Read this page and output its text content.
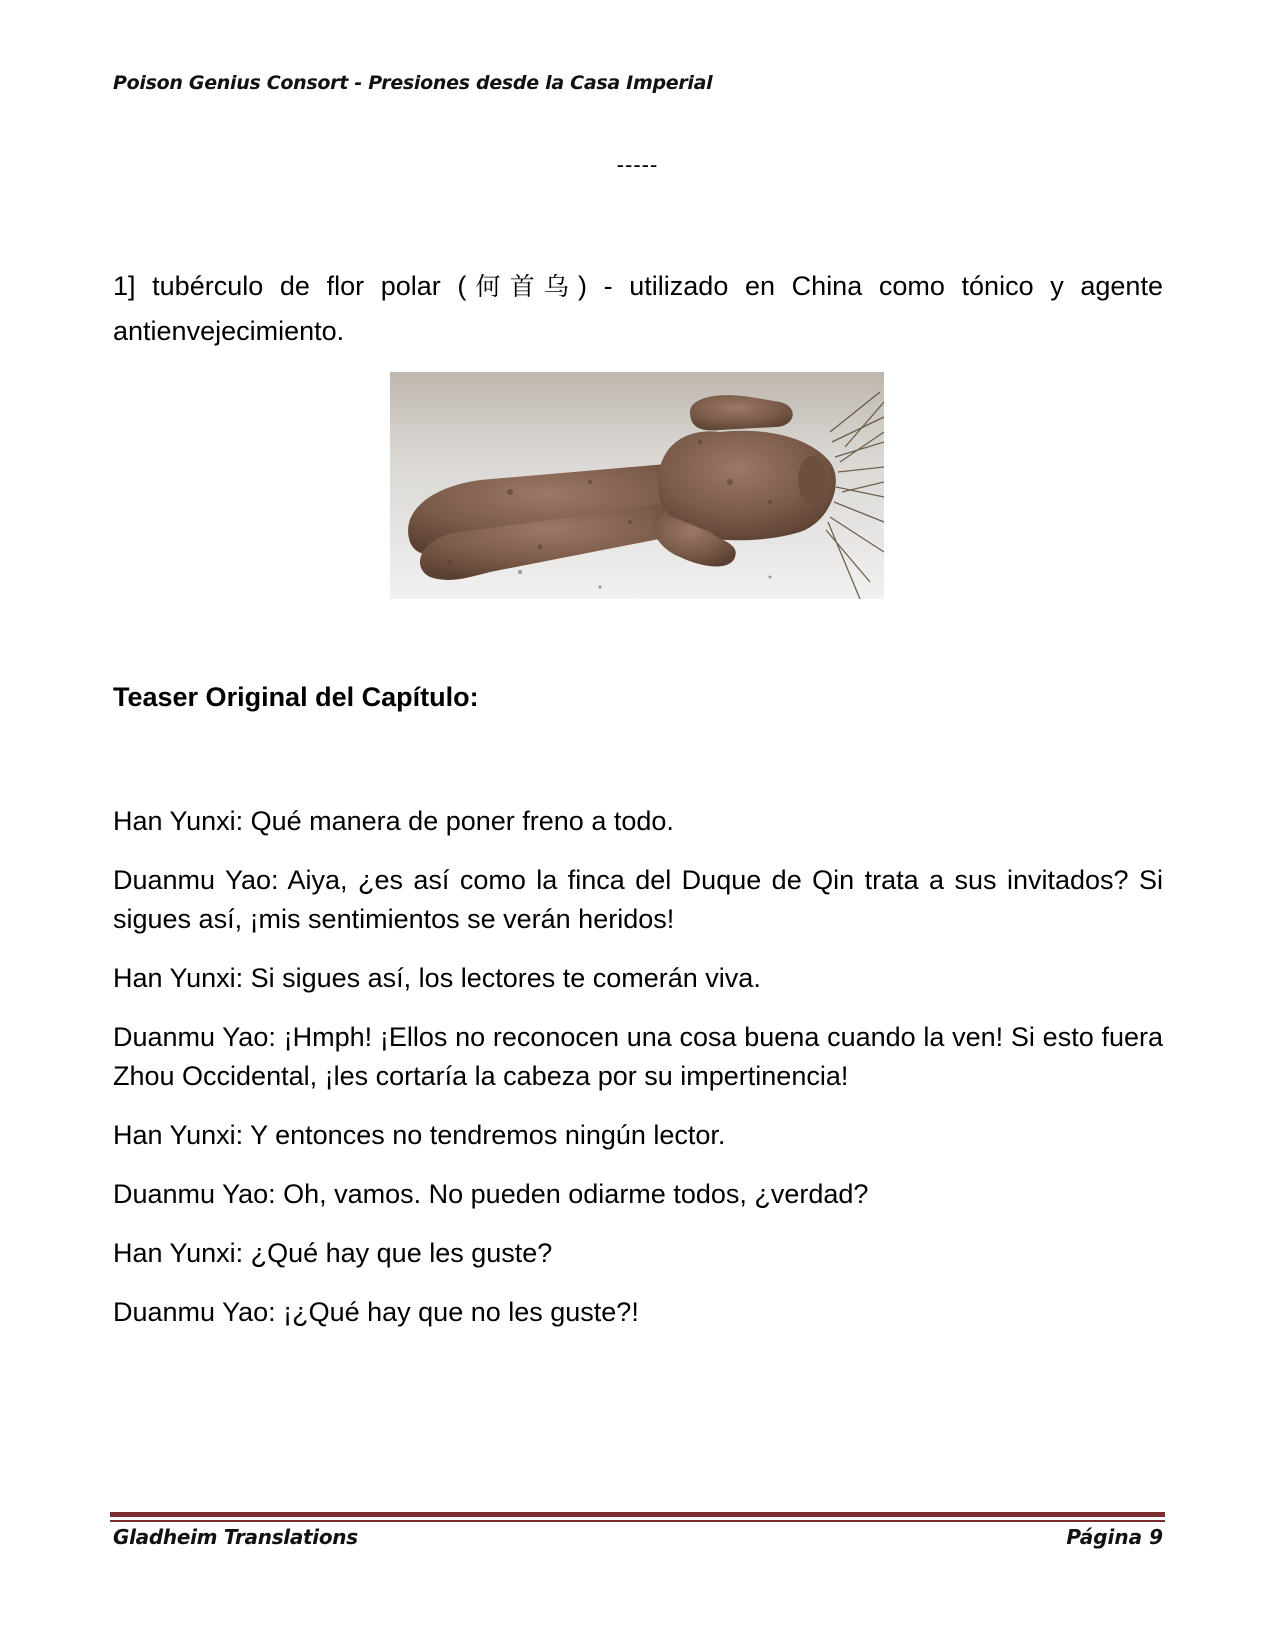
Poison Genius Consort - Presiones desde la Casa Imperial
-----
1] tubérculo de flor polar (何首乌) - utilizado en China como tónico y agente antienvejecimiento.
Teaser Original del Capítulo:

Han Yunxi: Qué manera de poner freno a todo.

Duanmu Yao: Aiya, ¿es así como la finca del Duque de Qin trata a sus invitados? Si sigues así, ¡mis sentimientos se verán heridos!

Han Yunxi: Si sigues así, los lectores te comerán viva.

Duanmu Yao: ¡Hmph! ¡Ellos no reconocen una cosa buena cuando la ven! Si esto fuera Zhou Occidental, ¡les cortaría la cabeza por su impertinencia!

Han Yunxi: Y entonces no tendremos ningún lector.

Duanmu Yao: Oh, vamos. No pueden odiarme todos, ¿verdad?

Han Yunxi: ¿Qué hay que les guste?

Duanmu Yao: ¡¿Qué hay que no les guste?!

Gladheim Translations	Página 9
